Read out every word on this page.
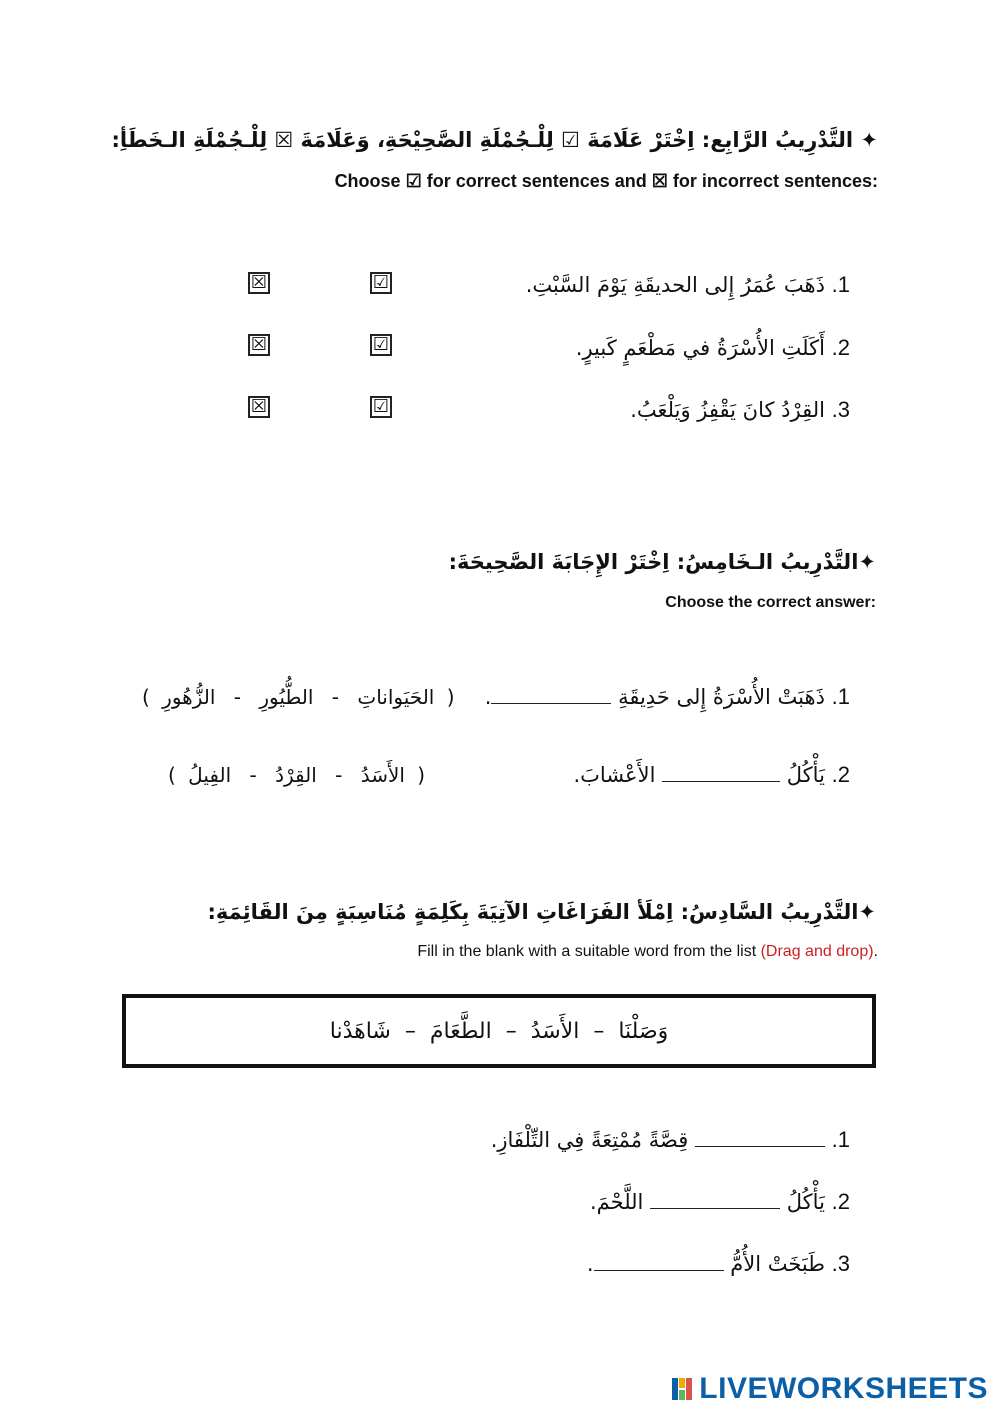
✦ التَّدْرِيبُ الرَّابِع: اِخْتَرْ عَلَامَةَ ☑ لِلْـجُمْلَةِ الصَّحِيْحَةِ، وَعَلَامَةَ ☒ لِلْـجُمْلَةِ الـخَطَأِ:
Choose ☑ for correct sentences and ☒ for incorrect sentences:
1. ذَهَبَ عُمَرُ إِلى الحديقَةِ يَوْمَ السَّبْتِ.
☑
☒
2. أَكَلَتِ الأُسْرَةُ في مَطْعَمٍ كَبيرٍ.
☑
☒
3. القِرْدُ كانَ يَقْفِزُ وَيَلْعَبُ.
☑
☒
✦التَّدْرِيبُ الـخَامِسُ: اِخْتَرْ الإِجَابَةَ الصَّحِيحَةَ:
Choose the correct answer:
1. ذَهَبَتْ الأُسْرَةُ إِلى حَدِيقَةِ .
( الحَيَواناتِ - الطُّيُورِ - الزُّهُورِ )
2. يَأْكُلُ  الأَعْشابَ.
( الأَسَدُ - القِرْدُ - الفِيلُ )
✦التَّدْرِيبُ السَّادِسُ: اِمْلَأ الفَرَاغَاتِ الآتِيَةَ بِكَلِمَةٍ مُنَاسِبَةٍ مِنَ القَائِمَةِ:
Fill in the blank with a suitable word from the list (Drag and drop).
وَصَلْنَا
–
الأَسَدُ
–
الطَّعَامَ
–
شَاهَدْنا
1.  قِصَّةً مُمْتِعَةً فِي التِّلْفَازِ.
2. يَأْكُلُ  اللَّحْمَ.
3. طَبَخَتْ الأُمُّ .
LIVEWORKSHEETS
